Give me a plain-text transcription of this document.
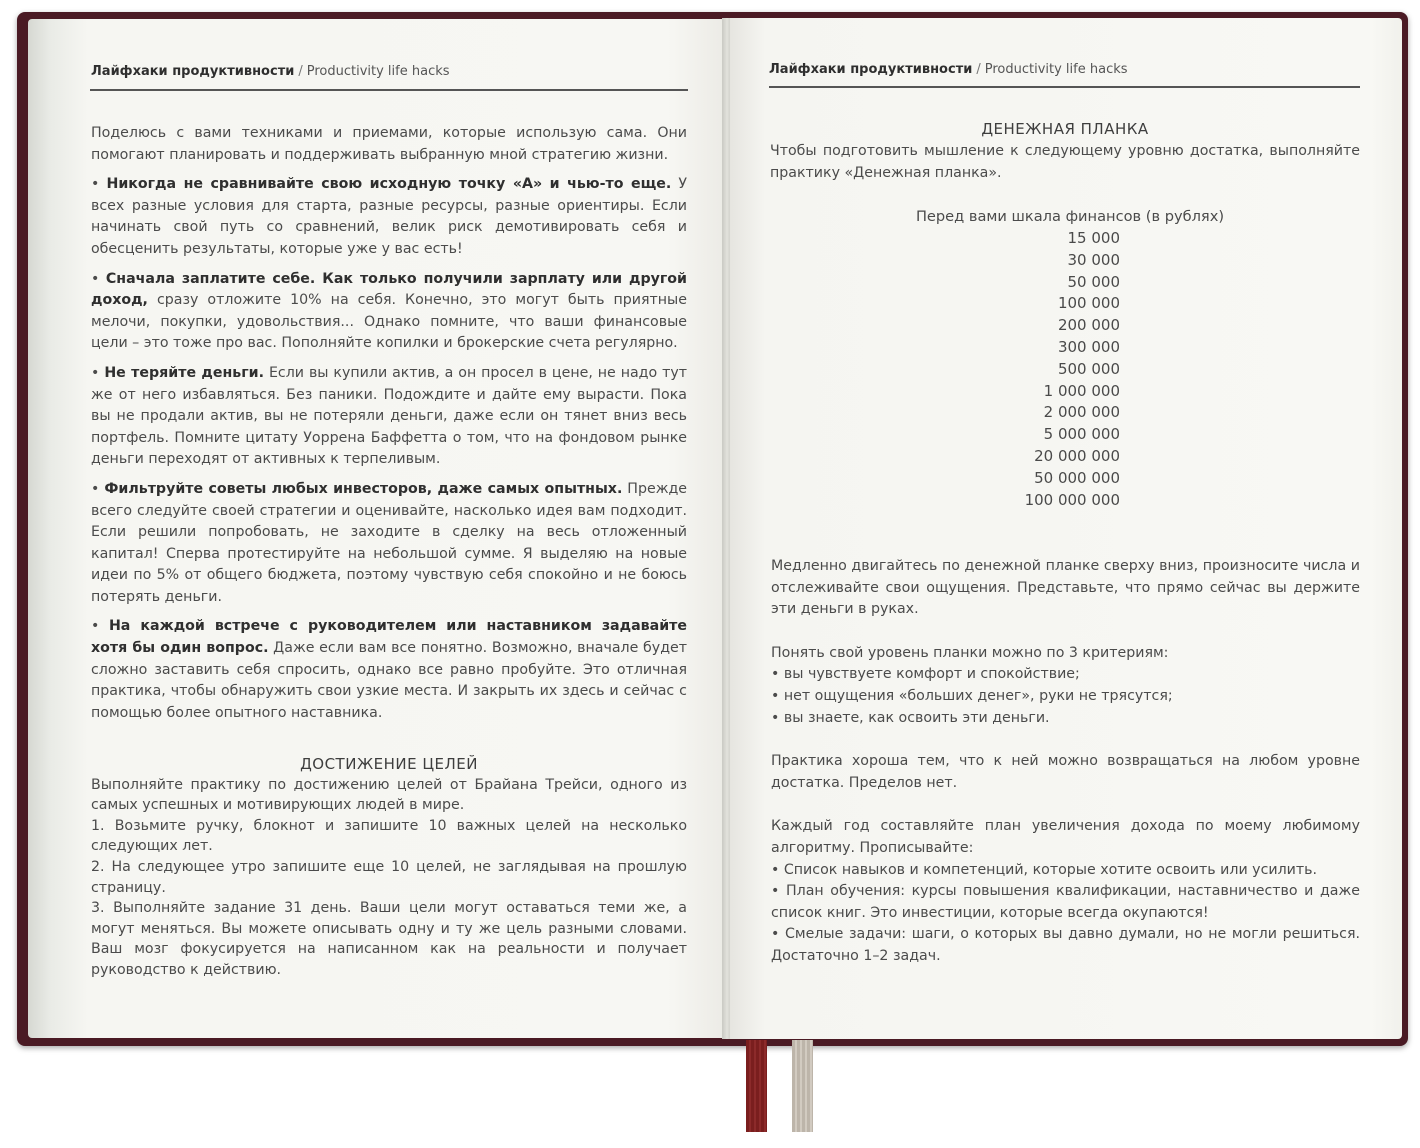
Лайфхаки продуктивности / Productivity life hacks

Поделюсь с вами техниками и приемами, которые использую сама. Они помогают планировать и поддерживать выбранную мной стратегию жизни.

• Никогда не сравнивайте свою исходную точку «А» и чью-то еще. У всех разные условия для старта, разные ресурсы, разные ориентиры. Если начинать свой путь со сравнений, велик риск демотивировать себя и обесценить результаты, которые уже у вас есть!

• Сначала заплатите себе. Как только получили зарплату или другой доход, сразу отложите 10% на себя. Конечно, это могут быть приятные мелочи, покупки, удовольствия... Однако помните, что ваши финансовые цели – это тоже про вас. Пополняйте копилки и брокерские счета регулярно.

• Не теряйте деньги. Если вы купили актив, а он просел в цене, не надо тут же от него избавляться. Без паники. Подождите и дайте ему вырасти. Пока вы не продали актив, вы не потеряли деньги, даже если он тянет вниз весь портфель. Помните цитату Уоррена Баффетта о том, что на фондовом рынке деньги переходят от активных к терпеливым.

• Фильтруйте советы любых инвесторов, даже самых опытных. Прежде всего следуйте своей стратегии и оценивайте, насколько идея вам подходит. Если решили попробовать, не заходите в сделку на весь отложенный капитал! Сперва протестируйте на небольшой сумме. Я выделяю на новые идеи по 5% от общего бюджета, поэтому чувствую себя спокойно и не боюсь потерять деньги.

• На каждой встрече с руководителем или наставником задавайте хотя бы один вопрос. Даже если вам все понятно. Возможно, вначале будет сложно заставить себя спросить, однако все равно пробуйте. Это отличная практика, чтобы обнаружить свои узкие места. И закрыть их здесь и сейчас с помощью более опытного наставника.

ДОСТИЖЕНИЕ ЦЕЛЕЙ

Выполняйте практику по достижению целей от Брайана Трейси, одного из самых успешных и мотивирующих людей в мире.

1. Возьмите ручку, блокнот и запишите 10 важных целей на несколько следующих лет.

2. На следующее утро запишите еще 10 целей, не заглядывая на прошлую страницу.

3. Выполняйте задание 31 день. Ваши цели могут оставаться теми же, а могут меняться. Вы можете описывать одну и ту же цель разными словами. Ваш мозг фокусируется на написанном как на реальности и получает руководство к действию.

Лайфхаки продуктивности / Productivity life hacks

ДЕНЕЖНАЯ ПЛАНКА

Чтобы подготовить мышление к следующему уровню достатка, выполняйте практику «Денежная планка».

Перед вами шкала финансов (в рублях)
15 000
30 000
50 000
100 000
200 000
300 000
500 000
1 000 000
2 000 000
5 000 000
20 000 000
50 000 000
100 000 000

Медленно двигайтесь по денежной планке сверху вниз, произносите числа и отслеживайте свои ощущения. Представьте, что прямо сейчас вы держите эти деньги в руках.

Понять свой уровень планки можно по 3 критериям:

• вы чувствуете комфорт и спокойствие;

• нет ощущения «больших денег», руки не трясутся;

• вы знаете, как освоить эти деньги.

Практика хороша тем, что к ней можно возвращаться на любом уровне достатка. Пределов нет.

Каждый год составляйте план увеличения дохода по моему любимому алгоритму. Прописывайте:

• Список навыков и компетенций, которые хотите освоить или усилить.

• План обучения: курсы повышения квалификации, наставничество и даже список книг. Это инвестиции, которые всегда окупаются!

• Смелые задачи: шаги, о которых вы давно думали, но не могли решиться. Достаточно 1–2 задач.
